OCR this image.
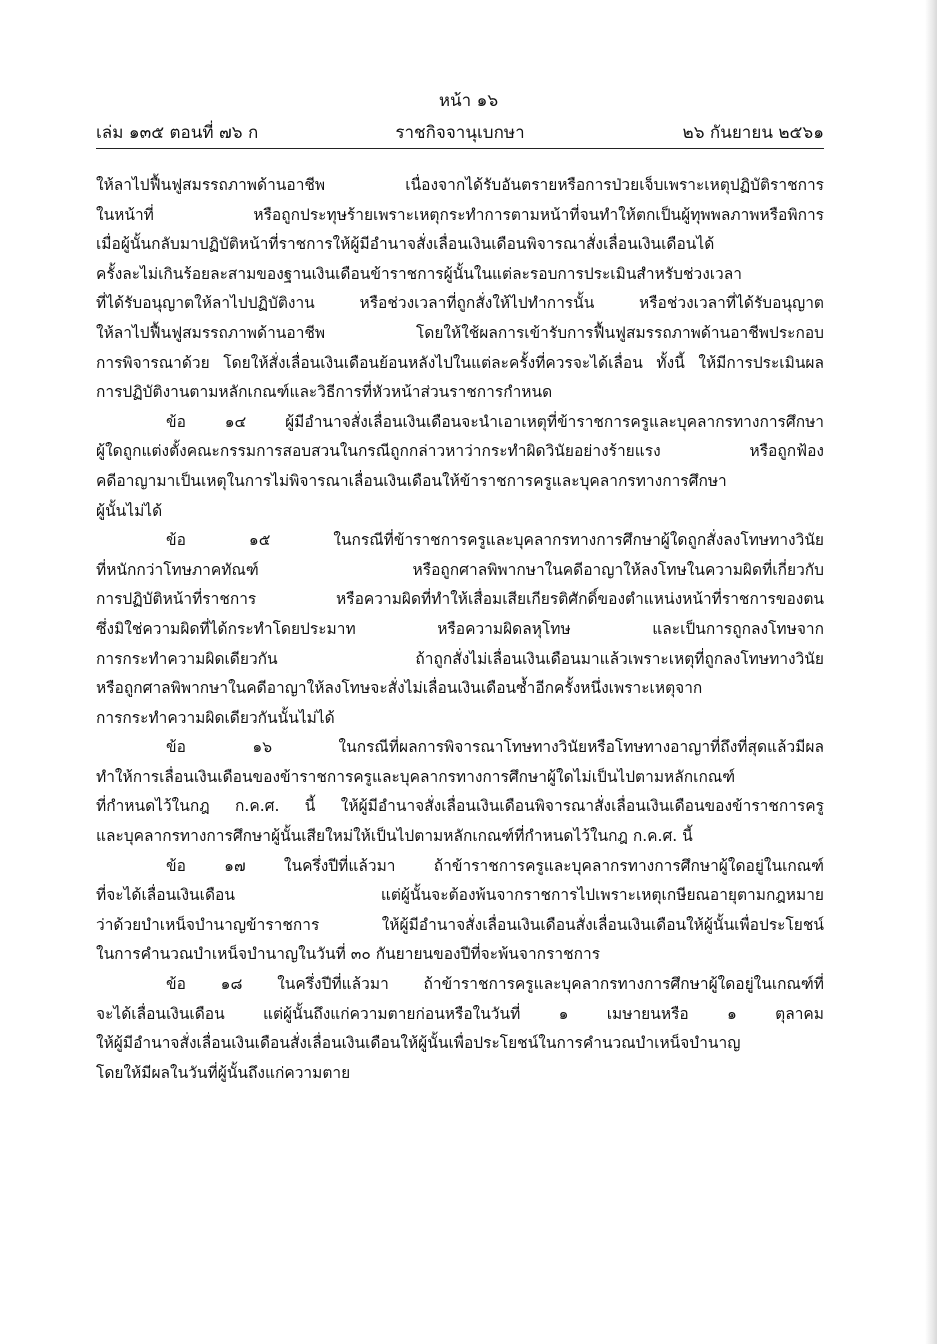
หน้า ๑๖
เล่ม ๑๓๕ ตอนที่ ๗๖ ก	ราชกิจจานุเบกษา	๒๖ กันยายน ๒๕๖๑
ให้ลาไปฟื้นฟูสมรรถภาพด้านอาชีพ เนื่องจากได้รับอันตรายหรือการป่วยเจ็บเพราะเหตุปฏิบัติราชการ
ในหน้าที่ หรือถูกประทุษร้ายเพราะเหตุกระทำการตามหน้าที่จนทำให้ตกเป็นผู้ทุพพลภาพหรือพิการ
เมื่อผู้นั้นกลับมาปฏิบัติหน้าที่ราชการให้ผู้มีอำนาจสั่งเลื่อนเงินเดือนพิจารณาสั่งเลื่อนเงินเดือนได้
ครั้งละไม่เกินร้อยละสามของฐานเงินเดือนข้าราชการผู้นั้นในแต่ละรอบการประเมินสำหรับช่วงเวลา
ที่ได้รับอนุญาตให้ลาไปปฏิบัติงาน หรือช่วงเวลาที่ถูกสั่งให้ไปทำการนั้น หรือช่วงเวลาที่ได้รับอนุญาต
ให้ลาไปฟื้นฟูสมรรถภาพด้านอาชีพ โดยให้ใช้ผลการเข้ารับการฟื้นฟูสมรรถภาพด้านอาชีพประกอบ
การพิจารณาด้วย โดยให้สั่งเลื่อนเงินเดือนย้อนหลังไปในแต่ละครั้งที่ควรจะได้เลื่อน ทั้งนี้ ให้มีการประเมินผล
การปฏิบัติงานตามหลักเกณฑ์และวิธีการที่หัวหน้าส่วนราชการกำหนด
ข้อ ๑๔ ผู้มีอำนาจสั่งเลื่อนเงินเดือนจะนำเอาเหตุที่ข้าราชการครูและบุคลากรทางการศึกษา
ผู้ใดถูกแต่งตั้งคณะกรรมการสอบสวนในกรณีถูกกล่าวหาว่ากระทำผิดวินัยอย่างร้ายแรง หรือถูกฟ้อง
คดีอาญามาเป็นเหตุในการไม่พิจารณาเลื่อนเงินเดือนให้ข้าราชการครูและบุคลากรทางการศึกษา
ผู้นั้นไม่ได้
ข้อ ๑๕ ในกรณีที่ข้าราชการครูและบุคลากรทางการศึกษาผู้ใดถูกสั่งลงโทษทางวินัย
ที่หนักกว่าโทษภาคทัณฑ์ หรือถูกศาลพิพากษาในคดีอาญาให้ลงโทษในความผิดที่เกี่ยวกับ
การปฏิบัติหน้าที่ราชการ หรือความผิดที่ทำให้เสื่อมเสียเกียรติศักดิ์ของตำแหน่งหน้าที่ราชการของตน
ซึ่งมิใช่ความผิดที่ได้กระทำโดยประมาท หรือความผิดลหุโทษ และเป็นการถูกลงโทษจาก
การกระทำความผิดเดียวกัน ถ้าถูกสั่งไม่เลื่อนเงินเดือนมาแล้วเพราะเหตุที่ถูกลงโทษทางวินัย
หรือถูกศาลพิพากษาในคดีอาญาให้ลงโทษจะสั่งไม่เลื่อนเงินเดือนซ้ำอีกครั้งหนึ่งเพราะเหตุจาก
การกระทำความผิดเดียวกันนั้นไม่ได้
ข้อ ๑๖ ในกรณีที่ผลการพิจารณาโทษทางวินัยหรือโทษทางอาญาที่ถึงที่สุดแล้วมีผล
ทำให้การเลื่อนเงินเดือนของข้าราชการครูและบุคลากรทางการศึกษาผู้ใดไม่เป็นไปตามหลักเกณฑ์
ที่กำหนดไว้ในกฎ ก.ค.ศ. นี้ ให้ผู้มีอำนาจสั่งเลื่อนเงินเดือนพิจารณาสั่งเลื่อนเงินเดือนของข้าราชการครู
และบุคลากรทางการศึกษาผู้นั้นเสียใหม่ให้เป็นไปตามหลักเกณฑ์ที่กำหนดไว้ในกฎ ก.ค.ศ. นี้
ข้อ ๑๗ ในครึ่งปีที่แล้วมา ถ้าข้าราชการครูและบุคลากรทางการศึกษาผู้ใดอยู่ในเกณฑ์
ที่จะได้เลื่อนเงินเดือน แต่ผู้นั้นจะต้องพ้นจากราชการไปเพราะเหตุเกษียณอายุตามกฎหมาย
ว่าด้วยบำเหน็จบำนาญข้าราชการ ให้ผู้มีอำนาจสั่งเลื่อนเงินเดือนสั่งเลื่อนเงินเดือนให้ผู้นั้นเพื่อประโยชน์
ในการคำนวณบำเหน็จบำนาญในวันที่ ๓๐ กันยายนของปีที่จะพ้นจากราชการ
ข้อ ๑๘ ในครึ่งปีที่แล้วมา ถ้าข้าราชการครูและบุคลากรทางการศึกษาผู้ใดอยู่ในเกณฑ์ที่
จะได้เลื่อนเงินเดือน แต่ผู้นั้นถึงแก่ความตายก่อนหรือในวันที่ ๑ เมษายนหรือ ๑ ตุลาคม
ให้ผู้มีอำนาจสั่งเลื่อนเงินเดือนสั่งเลื่อนเงินเดือนให้ผู้นั้นเพื่อประโยชน์ในการคำนวณบำเหน็จบำนาญ
โดยให้มีผลในวันที่ผู้นั้นถึงแก่ความตาย
